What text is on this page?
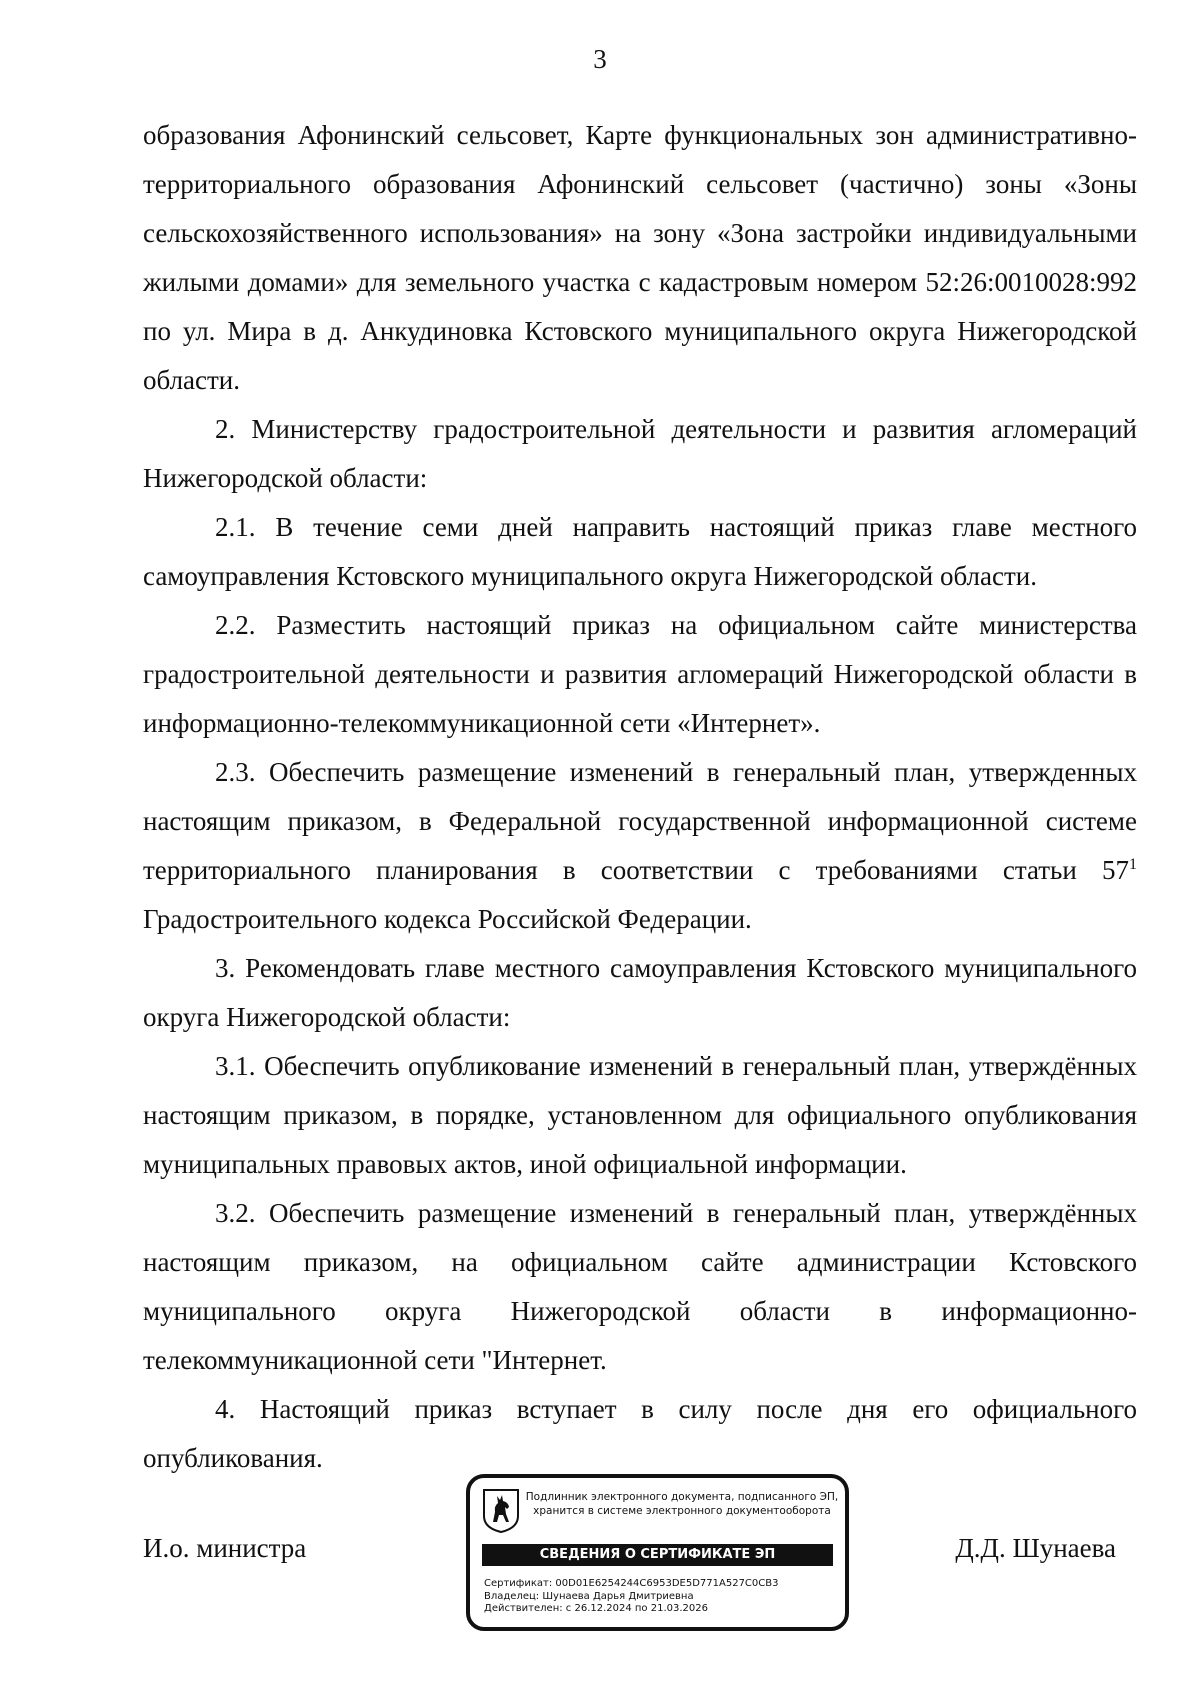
3

образования Афонинский сельсовет, Карте функциональных зон административно-территориального образования Афонинский сельсовет (частично) зоны «Зоны сельскохозяйственного использования» на зону «Зона застройки индивидуальными жилыми домами» для земельного участка с кадастровым номером 52:26:0010028:992 по ул. Мира в д. Анкудиновка Кстовского муниципального округа Нижегородской области.

2. Министерству градостроительной деятельности и развития агломераций Нижегородской области:

2.1. В течение семи дней направить настоящий приказ главе местного самоуправления Кстовского муниципального округа Нижегородской области.

2.2. Разместить настоящий приказ на официальном сайте министерства градостроительной деятельности и развития агломераций Нижегородской области в информационно-телекоммуникационной сети «Интернет».

2.3. Обеспечить размещение изменений в генеральный план, утвержденных настоящим приказом, в Федеральной государственной информационной системе территориального планирования в соответствии с требованиями статьи $57^1$ Градостроительного кодекса Российской Федерации.

3. Рекомендовать главе местного самоуправления Кстовского муниципального округа Нижегородской области:

3.1. Обеспечить опубликование изменений в генеральный план, утверждённых настоящим приказом, в порядке, установленном для официального опубликования муниципальных правовых актов, иной официальной информации.

3.2. Обеспечить размещение изменений в генеральный план, утверждённых настоящим приказом, на официальном сайте администрации Кстовского муниципального округа Нижегородской области в информационно-телекоммуникационной сети "Интернет.

4. Настоящий приказ вступает в силу после дня его официального опубликования.

И.о. министра	Д.Д. Шунаева
Подлинник электронного документа, подписанного ЭП,
хранится в системе электронного документооборота
СВЕДЕНИЯ О СЕРТИФИКАТЕ ЭП
Сертификат: 00D01E6254244C6953DE5D771A527C0CB3
Владелец: Шунаева Дарья Дмитриевна
Действителен: с 26.12.2024 по 21.03.2026
